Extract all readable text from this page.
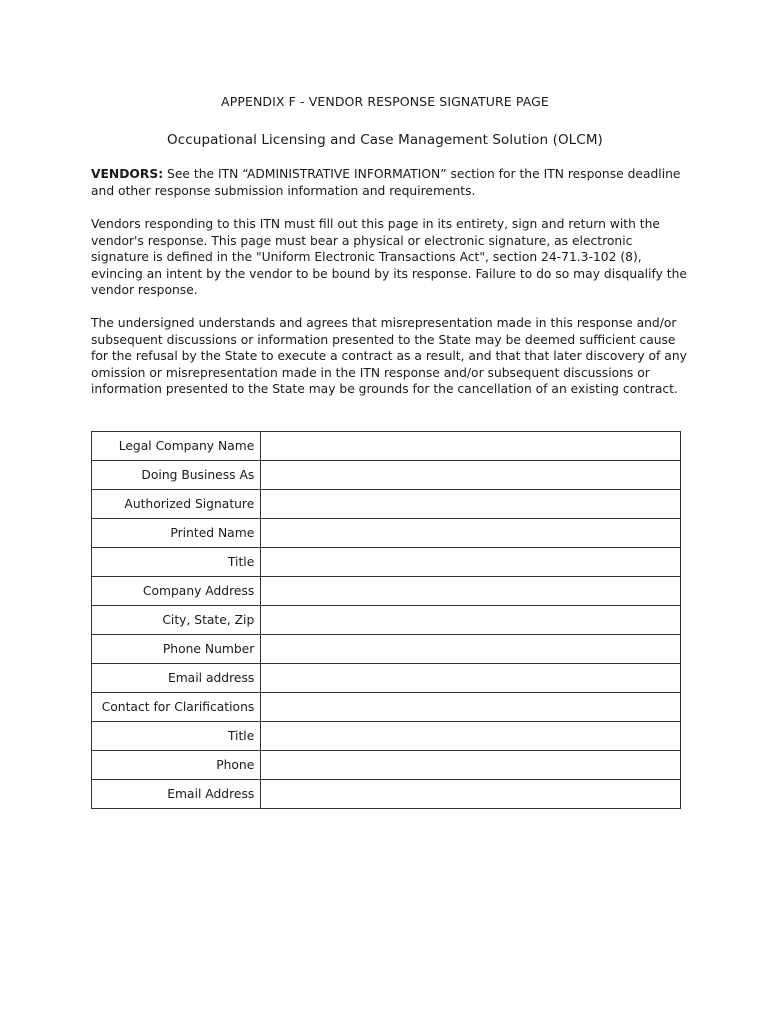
APPENDIX F - VENDOR RESPONSE SIGNATURE PAGE
Occupational Licensing and Case Management Solution (OLCM)

VENDORS: See the ITN “ADMINISTRATIVE INFORMATION” section for the ITN response deadline and other response submission information and requirements.

Vendors responding to this ITN must fill out this page in its entirety, sign and return with the vendor's response. This page must bear a physical or electronic signature, as electronic signature is defined in the "Uniform Electronic Transactions Act", section 24-71.3-102 (8), evincing an intent by the vendor to be bound by its response. Failure to do so may disqualify the vendor response.

The undersigned understands and agrees that misrepresentation made in this response and/or subsequent discussions or information presented to the State may be deemed sufficient cause for the refusal by the State to execute a contract as a result, and that that later discovery of any omission or misrepresentation made in the ITN response and/or subsequent discussions or information presented to the State may be grounds for the cancellation of an existing contract.

Legal Company Name	
Doing Business As	
Authorized Signature	
Printed Name	
Title	
Company Address	
City, State, Zip	
Phone Number	
Email address	
Contact for Clarifications	
Title	
Phone	
Email Address	
